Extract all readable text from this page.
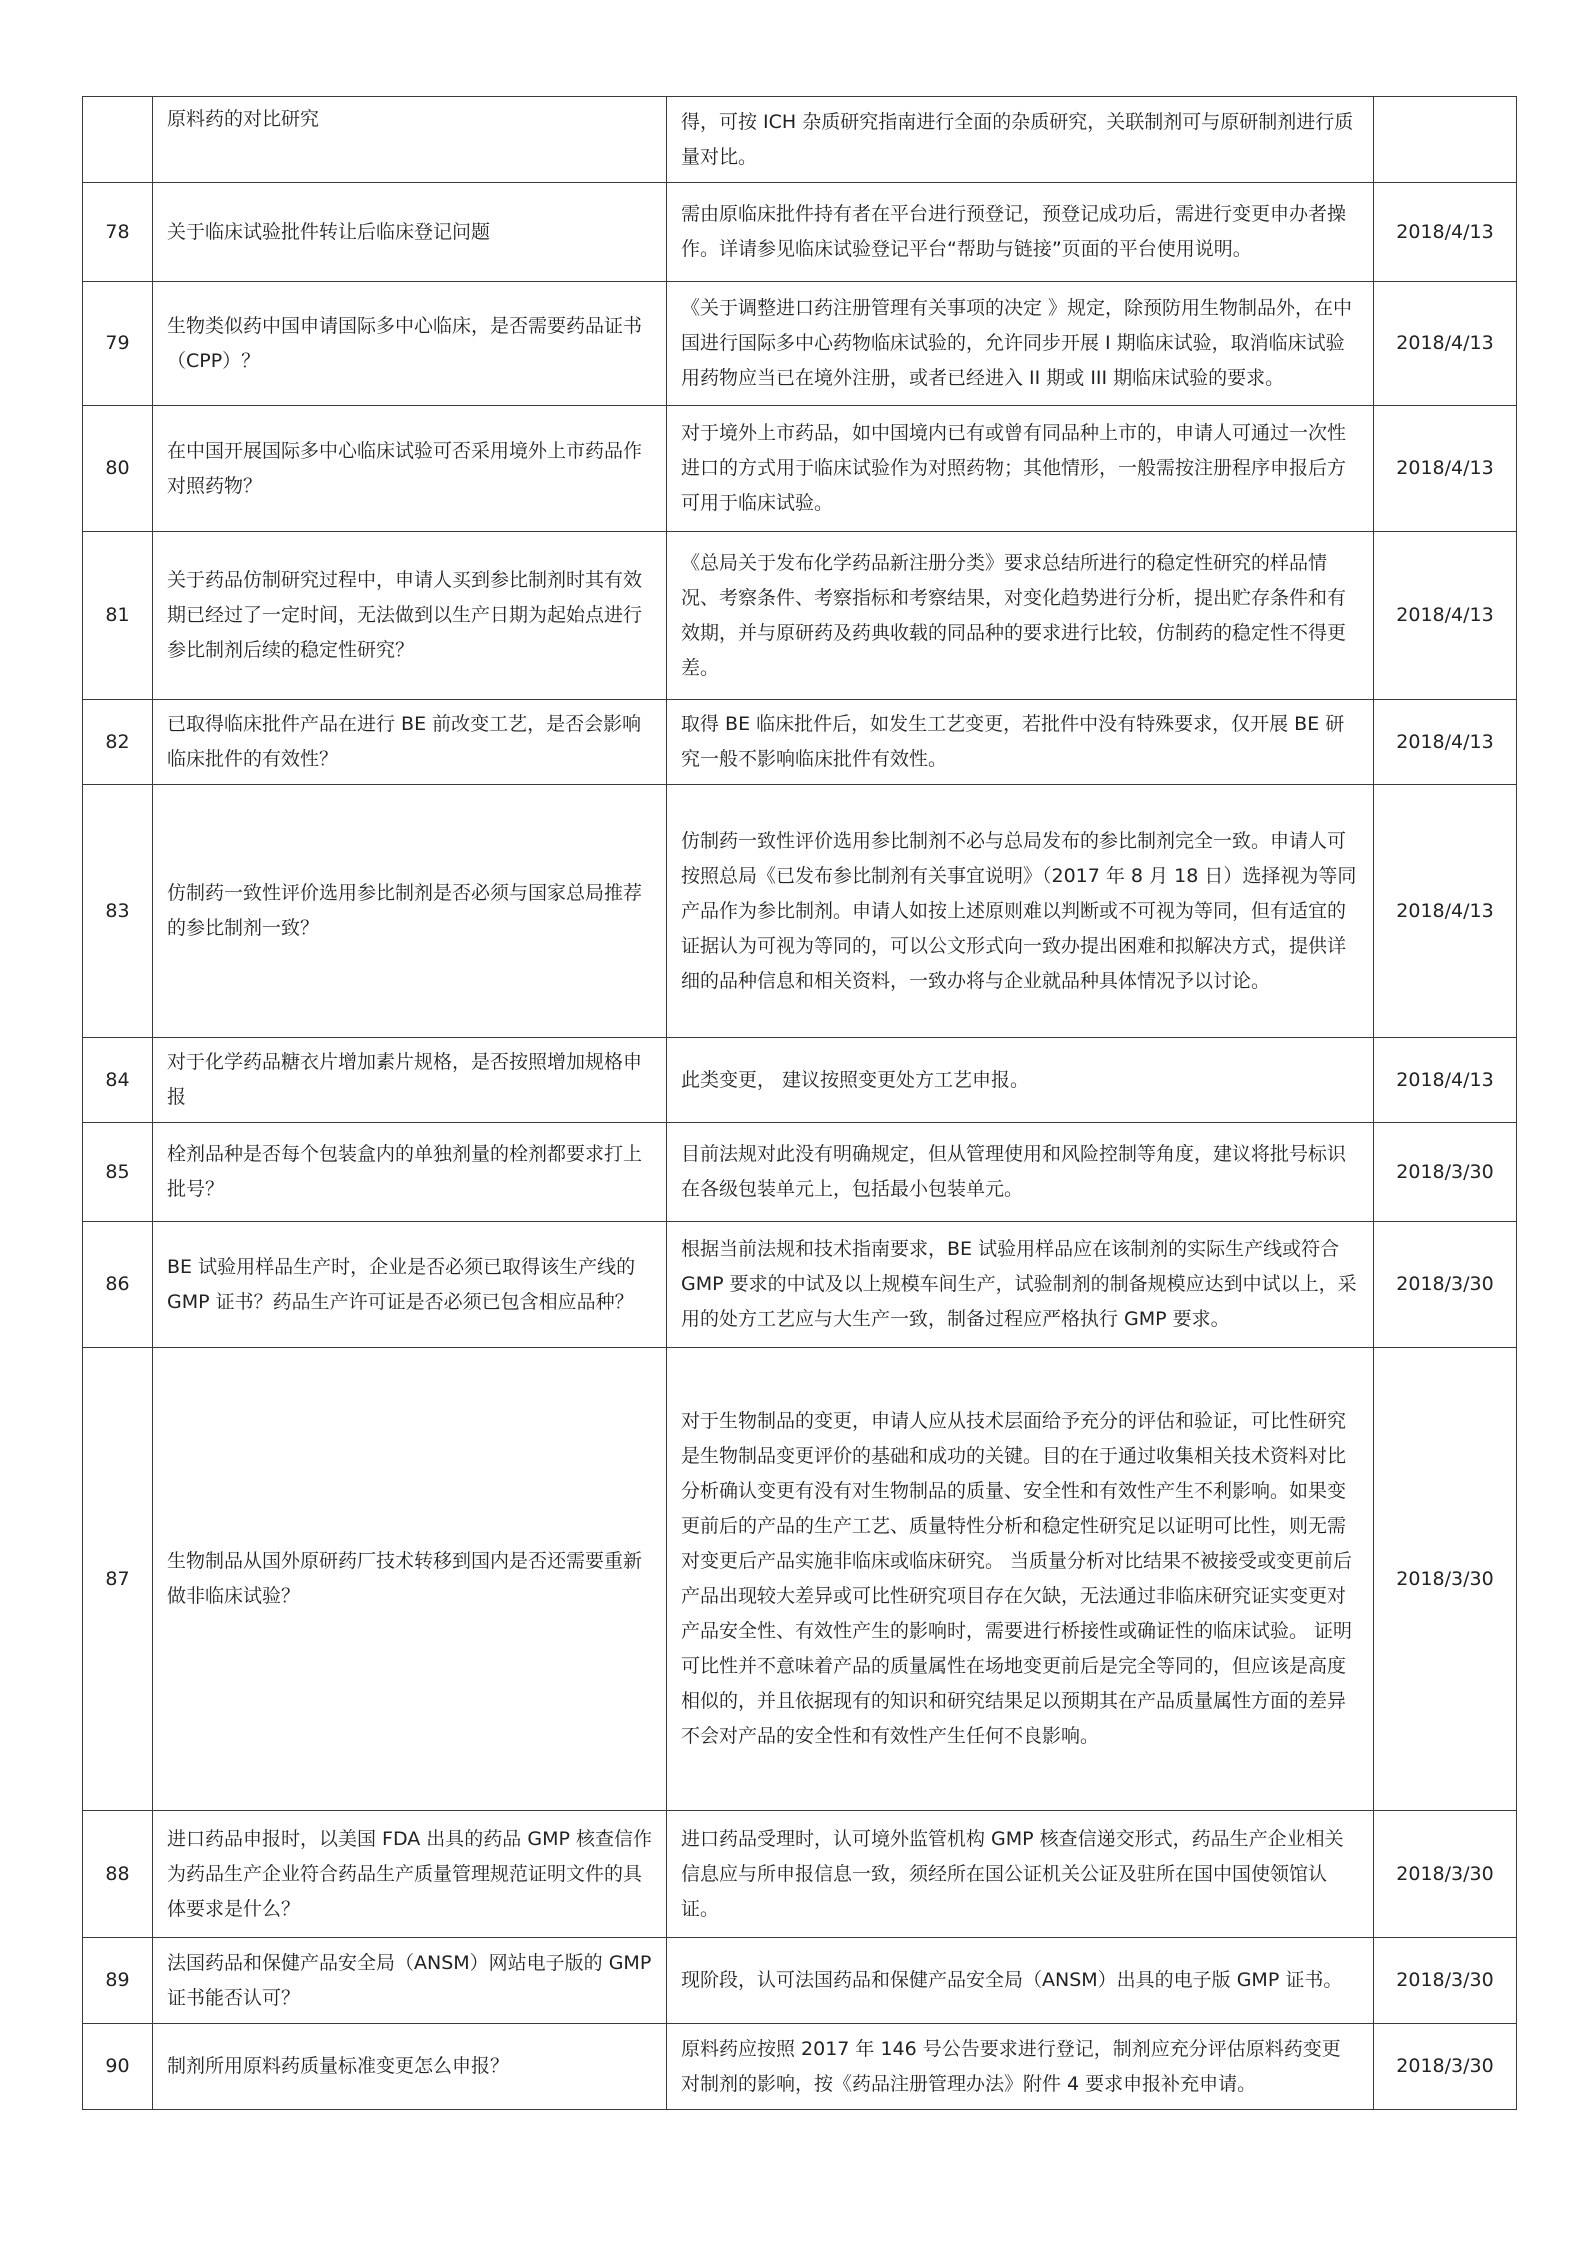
	原料药的对比研究	得，可按 ICH 杂质研究指南进行全面的杂质研究，关联制剂可与原研制剂进行质量对比。	
78	关于临床试验批件转让后临床登记问题	需由原临床批件持有者在平台进行预登记，预登记成功后，需进行变更申办者操作。详请参见临床试验登记平台“帮助与链接”页面的平台使用说明。	2018/4/13
79	生物类似药中国申请国际多中心临床，是否需要药品证书（CPP）？	《关于调整进口药注册管理有关事项的决定 》规定，除预防用生物制品外，在中国进行国际多中心药物临床试验的，允许同步开展 I 期临床试验，取消临床试验用药物应当已在境外注册，或者已经进入 II 期或 III 期临床试验的要求。	2018/4/13
80	在中国开展国际多中心临床试验可否采用境外上市药品作对照药物？	对于境外上市药品，如中国境内已有或曾有同品种上市的，申请人可通过一次性进口的方式用于临床试验作为对照药物；其他情形，一般需按注册程序申报后方可用于临床试验。	2018/4/13
81	关于药品仿制研究过程中，申请人买到参比制剂时其有效期已经过了一定时间，无法做到以生产日期为起始点进行参比制剂后续的稳定性研究？	《总局关于发布化学药品新注册分类》要求总结所进行的稳定性研究的样品情况、考察条件、考察指标和考察结果，对变化趋势进行分析，提出贮存条件和有效期，并与原研药及药典收载的同品种的要求进行比较，仿制药的稳定性不得更差。	2018/4/13
82	已取得临床批件产品在进行 BE 前改变工艺，是否会影响临床批件的有效性？	取得 BE 临床批件后，如发生工艺变更，若批件中没有特殊要求，仅开展 BE 研究一般不影响临床批件有效性。	2018/4/13
83	仿制药一致性评价选用参比制剂是否必须与国家总局推荐的参比制剂一致？	仿制药一致性评价选用参比制剂不必与总局发布的参比制剂完全一致。申请人可按照总局《已发布参比制剂有关事宜说明》（2017 年 8 月 18 日）选择视为等同产品作为参比制剂。申请人如按上述原则难以判断或不可视为等同，但有适宜的证据认为可视为等同的，可以公文形式向一致办提出困难和拟解决方式，提供详细的品种信息和相关资料，一致办将与企业就品种具体情况予以讨论。	2018/4/13
84	对于化学药品糖衣片增加素片规格，是否按照增加规格申报	此类变更， 建议按照变更处方工艺申报。	2018/4/13
85	栓剂品种是否每个包装盒内的单独剂量的栓剂都要求打上批号？	目前法规对此没有明确规定，但从管理使用和风险控制等角度，建议将批号标识在各级包装单元上，包括最小包装单元。	2018/3/30
86	BE 试验用样品生产时，企业是否必须已取得该生产线的 GMP 证书？药品生产许可证是否必须已包含相应品种？	根据当前法规和技术指南要求，BE 试验用样品应在该制剂的实际生产线或符合 GMP 要求的中试及以上规模车间生产，试验制剂的制备规模应达到中试以上，采用的处方工艺应与大生产一致，制备过程应严格执行 GMP 要求。	2018/3/30
87	生物制品从国外原研药厂技术转移到国内是否还需要重新做非临床试验？	对于生物制品的变更，申请人应从技术层面给予充分的评估和验证，可比性研究是生物制品变更评价的基础和成功的关键。目的在于通过收集相关技术资料对比分析确认变更有没有对生物制品的质量、安全性和有效性产生不利影响。如果变更前后的产品的生产工艺、质量特性分析和稳定性研究足以证明可比性，则无需对变更后产品实施非临床或临床研究。 当质量分析对比结果不被接受或变更前后产品出现较大差异或可比性研究项目存在欠缺，无法通过非临床研究证实变更对产品安全性、有效性产生的影响时，需要进行桥接性或确证性的临床试验。 证明可比性并不意味着产品的质量属性在场地变更前后是完全等同的，但应该是高度相似的，并且依据现有的知识和研究结果足以预期其在产品质量属性方面的差异不会对产品的安全性和有效性产生任何不良影响。	2018/3/30
88	进口药品申报时，以美国 FDA 出具的药品 GMP 核查信作为药品生产企业符合药品生产质量管理规范证明文件的具体要求是什么？	进口药品受理时，认可境外监管机构 GMP 核查信递交形式，药品生产企业相关信息应与所申报信息一致，须经所在国公证机关公证及驻所在国中国使领馆认证。	2018/3/30
89	法国药品和保健产品安全局（ANSM）网站电子版的 GMP 证书能否认可？	现阶段，认可法国药品和保健产品安全局（ANSM）出具的电子版 GMP 证书。	2018/3/30
90	制剂所用原料药质量标准变更怎么申报？	原料药应按照 2017 年 146 号公告要求进行登记，制剂应充分评估原料药变更对制剂的影响，按《药品注册管理办法》附件 4 要求申报补充申请。	2018/3/30
